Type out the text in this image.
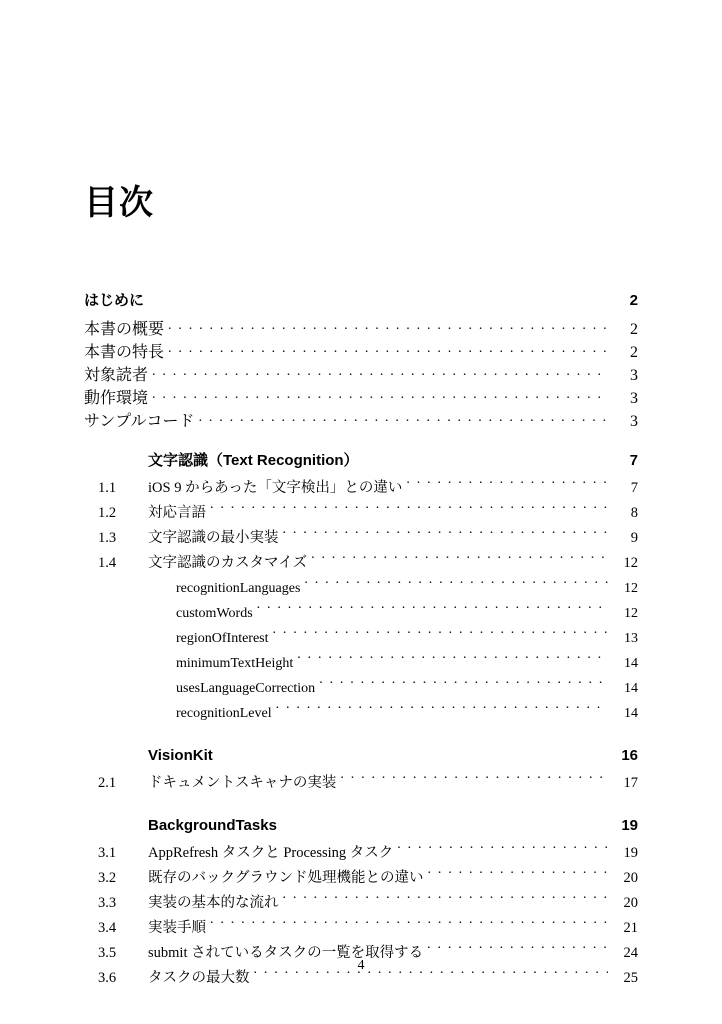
目次
はじめに	2
本書の概要 . . .	2
本書の特長 . . .	2
対象読者 . . .	3
動作環境 . . .	3
サンプルコード . . .	3
文字認識（Text Recognition）	7
1.1	iOS 9 からあった「文字検出」との違い . . .	7
1.2	対応言語 . . .	8
1.3	文字認識の最小実装 . . .	9
1.4	文字認識のカスタマイズ . . .	12
recognitionLanguages . . .	12
customWords . . .	12
regionOfInterest . . .	13
minimumTextHeight . . .	14
usesLanguageCorrection . . .	14
recognitionLevel . . .	14
VisionKit	16
2.1	ドキュメントスキャナの実装 . . .	17
BackgroundTasks	19
3.1	AppRefresh タスクと Processing タスク . . .	19
3.2	既存のバックグラウンド処理機能との違い . . .	20
3.3	実装の基本的な流れ . . .	20
3.4	実装手順 . . .	21
3.5	submit されているタスクの一覧を取得する . . .	24
3.6	タスクの最大数 . . .	25
4
